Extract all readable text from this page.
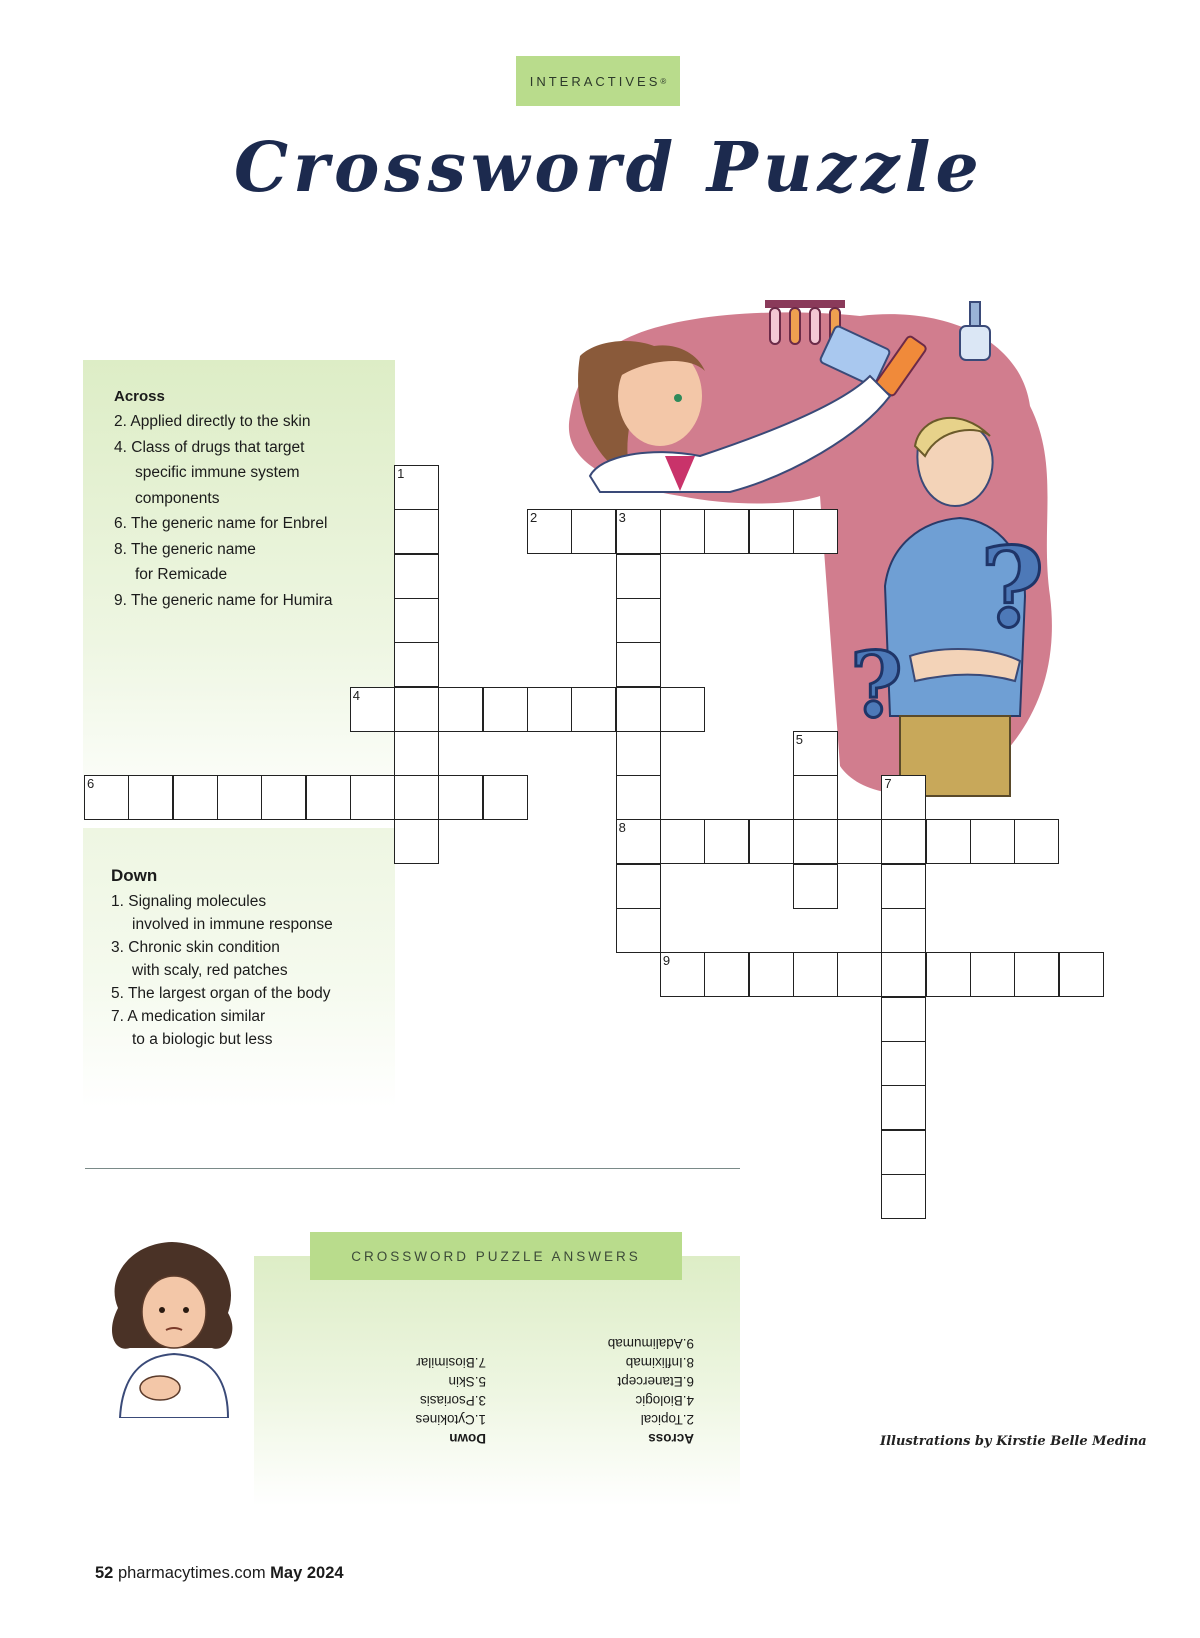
INTERACTIVES ®
Crossword Puzzle
Across
2. Applied directly to the skin
4. Class of drugs that target
specific immune system components
6. The generic name for Enbrel
8. The generic name
for Remicade
9. The generic name for Humira
Down
1. Signaling molecules
involved in immune response
3. Chronic skin condition
with scaly, red patches
5. The largest organ of the body
7. A medication similar
to a biologic but less
?
?
1
2	3
8
4
5
6	7
9
CROSSWORD PUZZLE ANSWERS
Down
1.Cytokines
3.Psoriasis
5.Skin
7.Biosimilar
Across
2.Topical
4.Biologic
6.Etanercept
8.Infliximab
9.Adalimumab
Illustrations by Kirstie Belle Medina
52 pharmacytimes.com May 2024
